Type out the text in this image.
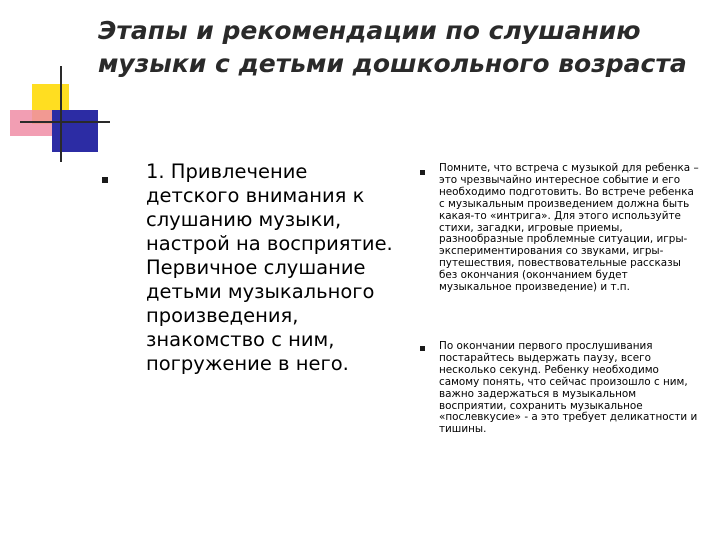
Этапы и рекомендации по слушанию музыки с детьми дошкольного возраста

1. Привлечение детского внимания к слушанию музыки, настрой на восприятие. Первичное слушание детьми музыкального произведения, знакомство с ним, погружение в него.

Помните, что встреча с музыкой для ребенка – это чрезвычайно интересное событие и его необходимо подготовить. Во встрече ребенка с музыкальным произведением должна быть какая-то «интрига». Для этого используйте стихи, загадки, игровые приемы, разнообразные проблемные ситуации, игры-экспериментирования со звуками, игры-путешествия, повествовательные рассказы без окончания (окончанием будет музыкальное произведение) и т.п.

По окончании первого прослушивания постарайтесь выдержать паузу, всего несколько секунд. Ребенку необходимо самому понять, что сейчас произошло с ним, важно задержаться в музыкальном восприятии, сохранить музыкальное «послевкусие» - а это требует деликатности и тишины.
